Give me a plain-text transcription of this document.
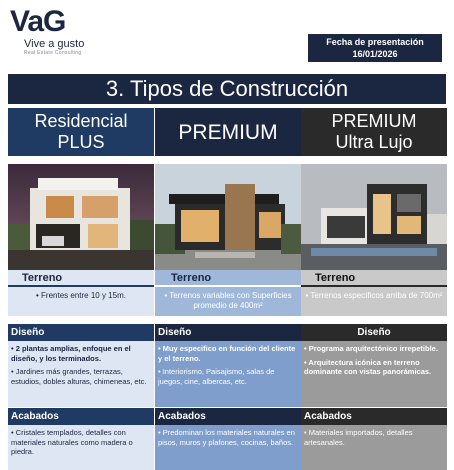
VaG
Vive a gusto
Real Estate Consulting
Fecha de presentación
16/01/2026
3. Tipos de Construcción
Residencial PLUS
Terreno
• Frentes entre 10 y 15m.
Diseño

• 2 plantas amplias, enfoque en el diseño, y los terminados.

• Jardines más grandes, terrazas, estudios, dobles alturas, chimeneas, etc.

Acabados
• Cristales templados, detalles con materiales naturales como madera o piedra.
PREMIUM
Terreno
• Terrenos variables con Superficies promedio de 400m²
Diseño

• Muy especifico en función del cliente y el terreno.

• Interiorismo, Paisajismo, salas de juegos, cine, albercas, etc.

Acabados
• Predominan los materiales naturales en pisos, muros y plafones, cocinas, baños.
PREMIUM Ultra Lujo
Terreno
• Terrenos específicos arriba de 700m²
Diseño

• Programa arquitectónico irrepetible.

• Arquitectura icónica en terreno dominante con vistas panorámicas.

Acabados
• Materiales importados, detalles artesanales.
